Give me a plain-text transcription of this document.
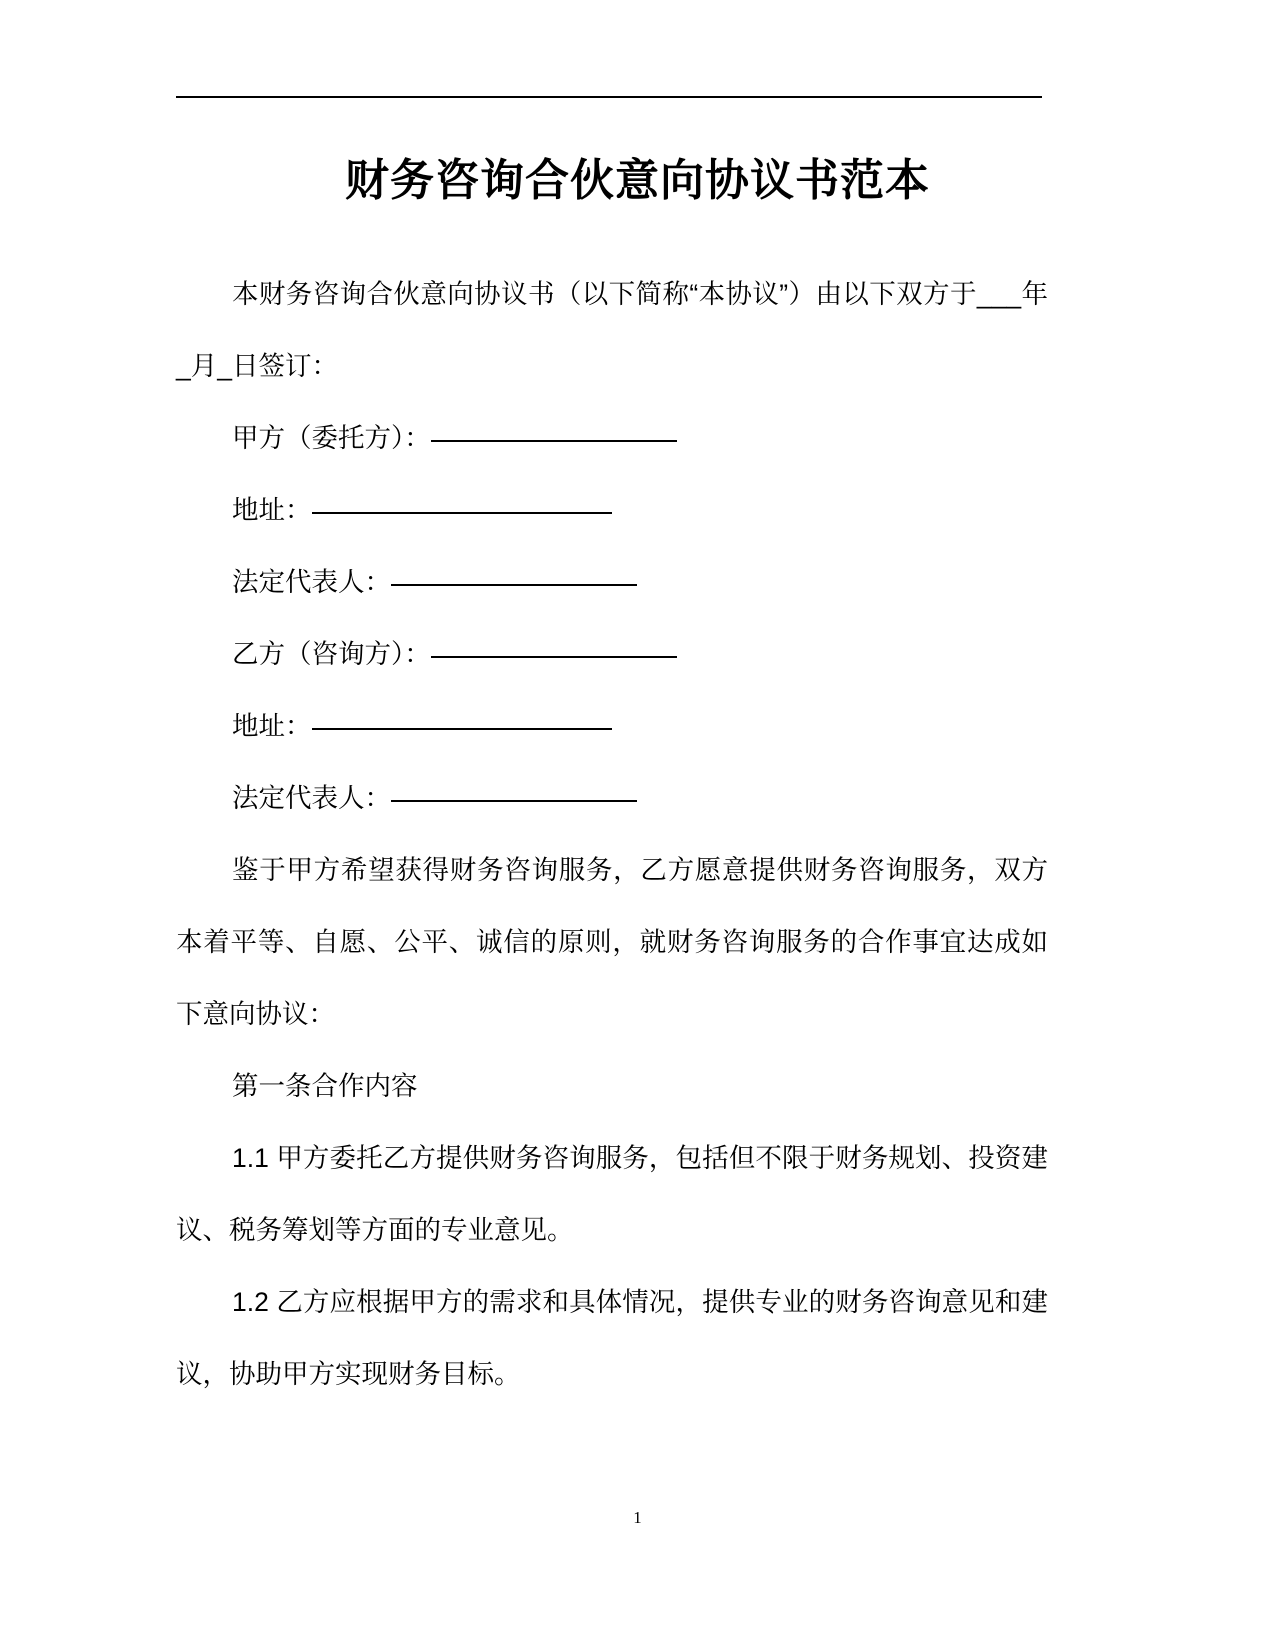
财务咨询合伙意向协议书范本

本财务咨询合伙意向协议书（以下简称“本协议”）由以下双方于___年_月_日签订：

甲方（委托方）：

地址：

法定代表人：

乙方（咨询方）：

地址：

法定代表人：

鉴于甲方希望获得财务咨询服务，乙方愿意提供财务咨询服务，双方本着平等、自愿、公平、诚信的原则，就财务咨询服务的合作事宜达成如下意向协议：

第一条合作内容

1.1 甲方委托乙方提供财务咨询服务，包括但不限于财务规划、投资建议、税务筹划等方面的专业意见。

1.2 乙方应根据甲方的需求和具体情况，提供专业的财务咨询意见和建议，协助甲方实现财务目标。

1
